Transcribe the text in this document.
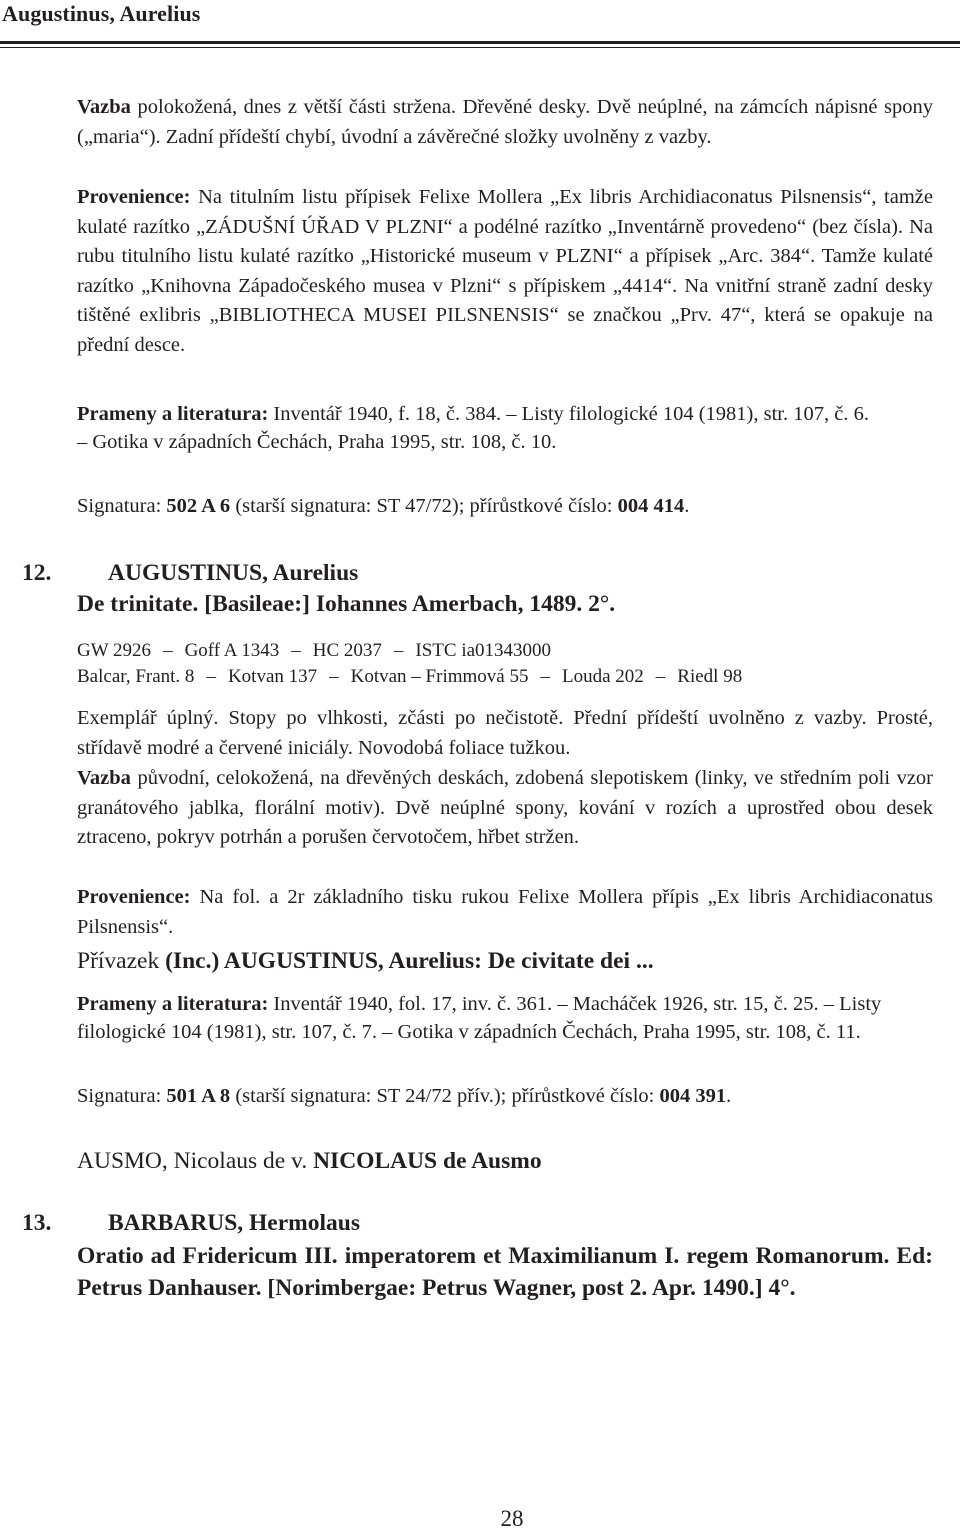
Augustinus, Aurelius

Vazba polokožená, dnes z větší části stržena. Dřevěné desky. Dvě neúplné, na zámcích nápisné spony („maria“). Zadní přídeští chybí, úvodní a závěrečné složky uvolněny z vazby.

Provenience: Na titulním listu přípisek Felixe Mollera „Ex libris Archidiaconatus Pilsnensis“, tamže kulaté razítko „ZÁDUŠNÍ ÚŘAD V PLZNI“ a podélné razítko „Inventárně provedeno“ (bez čísla). Na rubu titulního listu kulaté razítko „Historické museum v PLZNI“ a přípisek „Arc. 384“. Tamže kulaté razítko „Knihovna Západočeského musea v Plzni“ s přípiskem „4414“. Na vnitřní straně zadní desky tištěné exlibris „BIBLIOTHECA MUSEI PILSNENSIS“ se značkou „Prv. 47“, která se opakuje na přední desce.

Prameny a literatura: Inventář 1940, f. 18, č. 384. – Listy filologické 104 (1981), str. 107, č. 6. – Gotika v západních Čechách, Praha 1995, str. 108, č. 10.

Signatura: 502 A 6 (starší signatura: ST 47/72); přírůstkové číslo: 004 414.

12. AUGUSTINUS, Aurelius
De trinitate. [Basileae:] Iohannes Amerbach, 1489. 2°.
GW 2926 – Goff A 1343 – HC 2037 – ISTC ia01343000
Balcar, Frant. 8 – Kotvan 137 – Kotvan – Frimmová 55 – Louda 202 – Riedl 98

Exemplář úplný. Stopy po vlhkosti, zčásti po nečistotě. Přední přídeští uvolněno z vazby. Prosté, střídavě modré a červené iniciály. Novodobá foliace tužkou.

Vazba původní, celokožená, na dřevěných deskách, zdobená slepotiskem (linky, ve středním poli vzor granátového jablka, florální motiv). Dvě neúplné spony, kování v rozích a uprostřed obou desek ztraceno, pokryv potrhán a porušen červotočem, hřbet stržen.

Provenience: Na fol. a 2r základního tisku rukou Felixe Mollera přípis „Ex libris Archidiaconatus Pilsnensis“.

Přívazek (Inc.) AUGUSTINUS, Aurelius: De civitate dei ...

Prameny a literatura: Inventář 1940, fol. 17, inv. č. 361. – Macháček 1926, str. 15, č. 25. – Listy filologické 104 (1981), str. 107, č. 7. – Gotika v západních Čechách, Praha 1995, str. 108, č. 11.

Signatura: 501 A 8 (starší signatura: ST 24/72 přív.); přírůstkové číslo: 004 391.

AUSMO, Nicolaus de v. NICOLAUS de Ausmo
13. BARBARUS, Hermolaus

Oratio ad Fridericum III. imperatorem et Maximilianum I. regem Romanorum. Ed: Petrus Danhauser. [Norimbergae: Petrus Wagner, post 2. Apr. 1490.] 4°.

28
